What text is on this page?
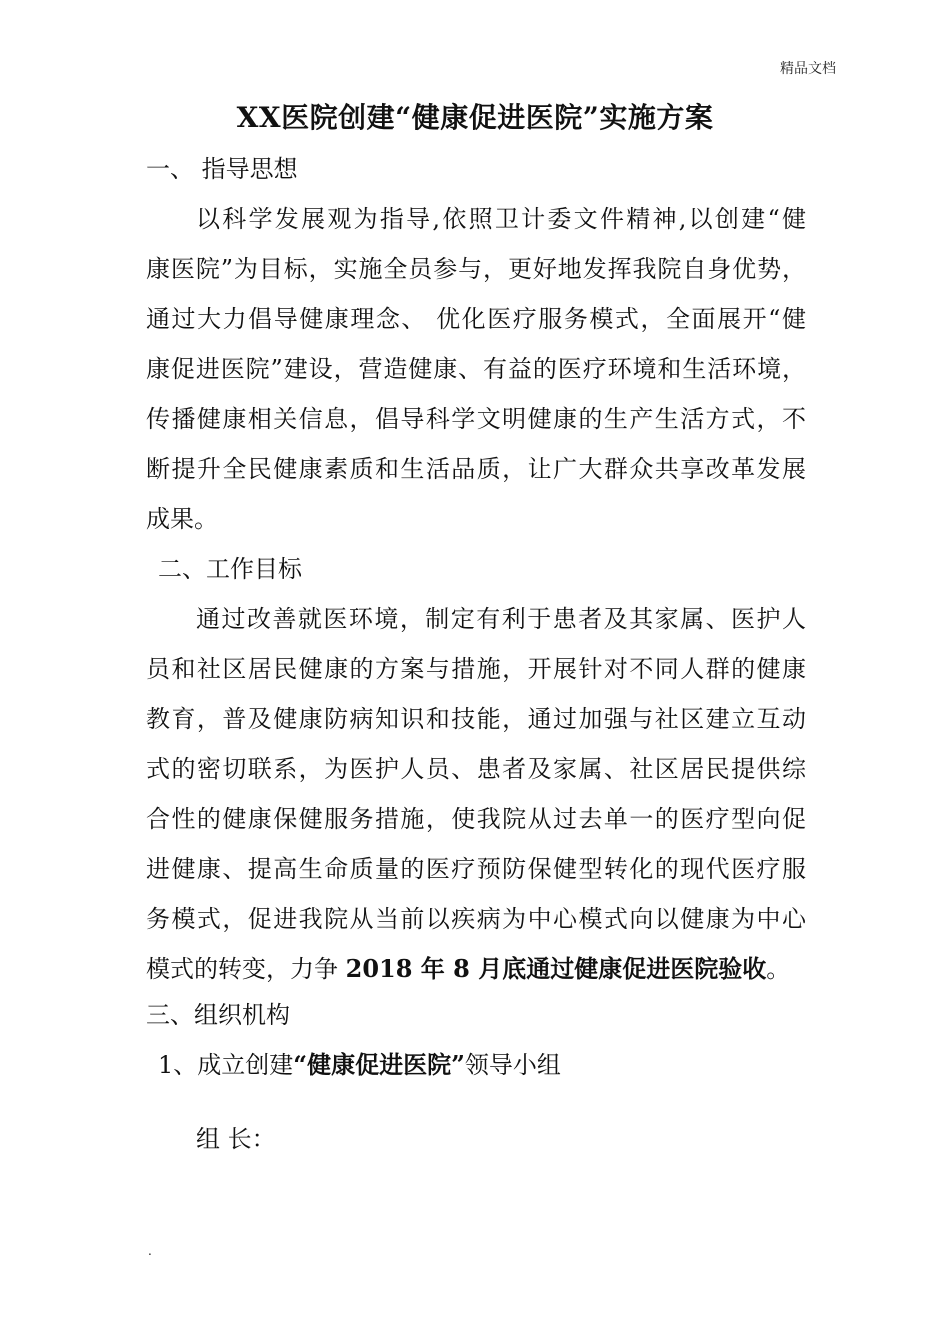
精品文档
XX医院创建“健康促进医院”实施方案
一、 指导思想
以科学发展观为指导,依照卫计委文件精神,以创建“健
康医院”为目标，实施全员参与，更好地发挥我院自身优势，
通过大力倡导健康理念、 优化医疗服务模式，全面展开“健
康促进医院”建设，营造健康、有益的医疗环境和生活环境，
传播健康相关信息，倡导科学文明健康的生产生活方式，不
断提升全民健康素质和生活品质，让广大群众共享改革发展
成果。
二、工作目标
通过改善就医环境，制定有利于患者及其家属、医护人
员和社区居民健康的方案与措施，开展针对不同人群的健康
教育，普及健康防病知识和技能，通过加强与社区建立互动
式的密切联系，为医护人员、患者及家属、社区居民提供综
合性的健康保健服务措施，使我院从过去单一的医疗型向促
进健康、提高生命质量的医疗预防保健型转化的现代医疗服
务模式，促进我院从当前以疾病为中心模式向以健康为中心
模式的转变，力争 2018 年 8 月底通过健康促进医院验收。
三、组织机构
1、成立创建“健康促进医院”领导小组
组 长：
.
